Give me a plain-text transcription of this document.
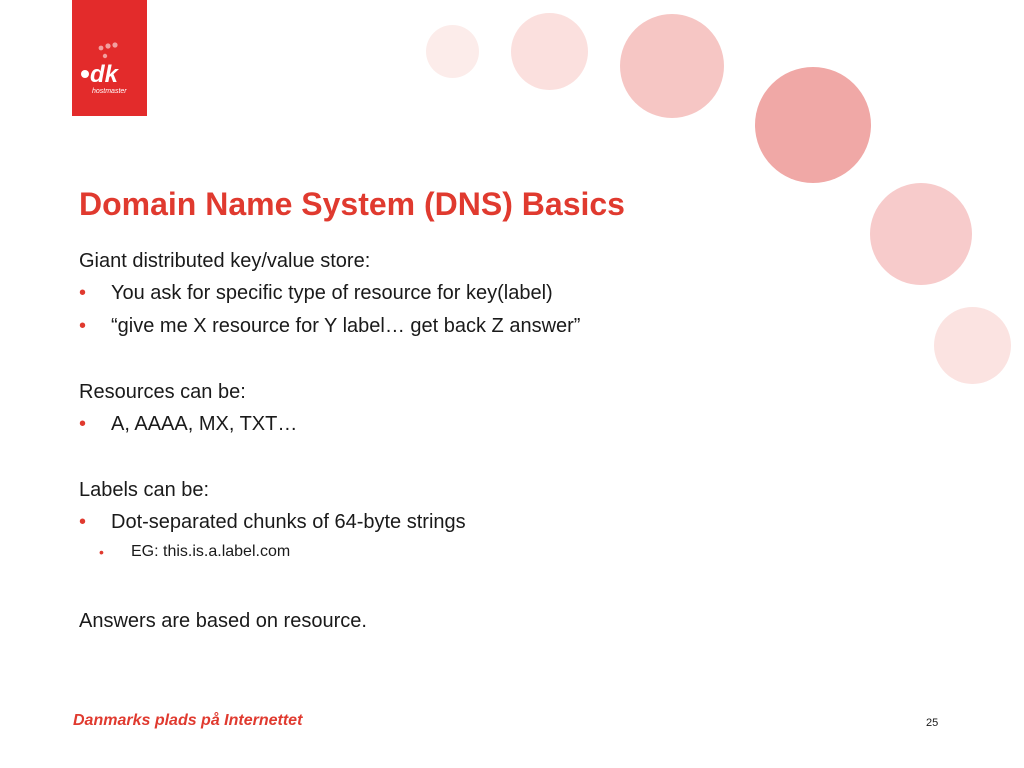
dk
hostmaster
Domain Name System (DNS) Basics
Giant distributed key/value store:
• You ask for specific type of resource for key(label)
• “give me X resource for Y label… get back Z answer”
Resources can be:
• A, AAAA, MX, TXT…
Labels can be:
• Dot-separated chunks of 64-byte strings
• EG: this.is.a.label.com
Answers are based on resource.
Danmarks plads på Internettet	25
